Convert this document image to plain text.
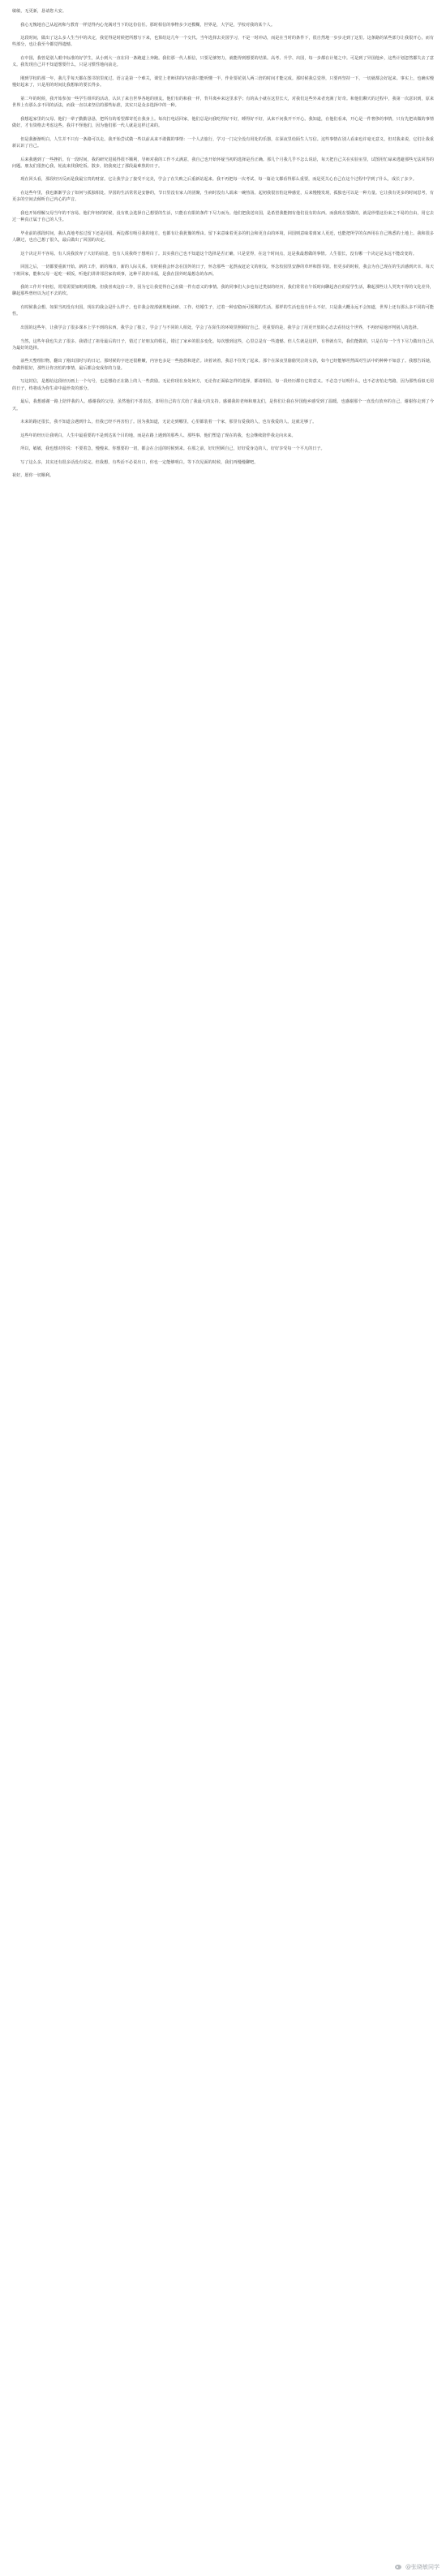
敏敏，无更新，恳请您大安。

我心无愧地自己从起初和与教育一样觉得内心充满对当下的这份信任。那时相信的事物多少还模糊，世界是，大学是，学校对我的某个人。

这段时间，做出了这么多人生当中的决定，我觉得是时候把所想写下来，也算给这几年一个交代。当年选择去美国学习，不是一时冲动，而是在当时的条件下，很自然地一步步走到了这里。这条路的某些部分让我很开心，而有些部分，也让我至今都觉得遗憾。

在中国，我曾是别人眼中标准的好学生，从小到大一直在同一条跑道上奔跑。我们那一代人相信，只要足够努力，就能得到想要的结果。高考、升学、出国，每一步都在计划之中。可是到了异国他乡，这些计划忽然都失去了意义。我发现自己并不知道想要什么，只是习惯性地向前走。

刚到学校的那一年，我几乎每天都在图书馆里度过。语言是第一个难关，课堂上老师讲的内容我只能听懂一半，作业要花别人两三倍的时间才能完成。那时候我总觉得，只要再坚持一下，一切就都会好起来。事实上，也确实慢慢好起来了，只是用的时间比我想象的要长得多。

第二年的时候，我开始参加一些学生组织的活动，认识了来自世界各地的朋友。他们有的和我一样，背井离乡来这里求学；有的从小就在这里长大，对我们这些外来者充满了好奇。和他们聊天的过程中，我第一次意识到，原来世界上有那么多不同的活法，而我一直以来坚信的那些标准，其实只是众多选择中的一种。

我想起家里的父母。他们一辈子勤勤恳恳，把所有的希望都寄托在我身上。每次打电话回家，他们总是问我吃得好不好，睡得好不好，从来不问我开不开心。我知道，在他们看来，开心是一件奢侈的事情，只有先把该做的事情做好，才有资格去考虑这些。我并不怪他们，因为他们那一代人就是这样过来的。

但是我渐渐明白，人生并不只有一条路可以走。我开始尝试做一些以前从来不敢做的事情：一个人去旅行，学习一门完全没有用处的乐器，在深夜里给陌生人写信。这些事情在别人看来也许毫无意义，但对我来说，它们让我重新认识了自己。

后来我遇到了一些挫折。有一段时间，我的研究进展得很不顺利，导师对我的工作不太满意，我自己也开始怀疑当初的选择是否正确。那几个月我几乎不怎么说话，每天把自己关在实验室里，试图用忙碌来逃避那些无法回答的问题。朋友们很担心我，轮流来找我吃饭、散步，陪我度过了那段最难熬的日子。

现在回头看，那段经历反而是我最宝贵的财富。它让我学会了接受不完美，学会了在失败之后重新站起来。我不再把每一次考试、每一篇论文都看得那么重要，而是更关心自己在这个过程中学到了什么，成长了多少。

在这些年里，我也渐渐学会了如何与孤独相处。异国的生活常常是安静的，节日里没有家人的团聚，生病时没有人端来一碗热汤。起初我很害怕这种感觉，后来慢慢发现，孤独也可以是一种力量。它让我有更多的时间思考，有更多的空间去倾听自己内心的声音。

我也开始理解父母当年的不容易。他们年轻的时候，没有机会选择自己想要的生活，只能在有限的条件下尽力而为。他们把我送出国，是希望我能拥有他们没有的东西。而我现在要做的，就是珍惜这份来之不易的自由，用它去过一种真正属于自己的人生。

毕业前的那段时间，我认真地考虑过留下还是回国。两边都有吸引我的地方，也都有让我犹豫的理由。留下来意味着更多的机会和更自由的环境，回国则意味着离家人更近，也能把所学的东西用在自己熟悉的土地上。我和很多人聊过，也自己想了很久，最后做出了回国的决定。

这个决定并不容易。有人说我放弃了大好的前途，也有人说我终于想明白了。其实我自己也不知道这个选择是否正确，只是觉得，在这个时间点，这是我最想做的事情。人生很长，没有哪一个决定是永远不能改变的。

回国之后，一切都要重新开始。新的工作，新的城市，新的人际关系。有时候我会怀念在国外的日子，怀念那些一起熬夜赶论文的朋友，怀念校园里安静的草坪和图书馆。但更多的时候，我会为自己现在的生活感到庆幸。每天下班回家，能和父母一起吃一顿饭，听他们讲讲邻居家的琐事，这种平淡的幸福，是我在国外时最想念的东西。

我的工作并不轻松，常常需要加班到很晚。但我喜欢这份工作，因为它让我觉得自己在做一件有意义的事情。我的同事们大多也有过类似的经历，我们常常在午饭时间聊起各自的留学生活，聊起那些让人哭笑不得的文化差异，聊起那些曾经以为过不去的坎。

有时候我会想，如果当初没有出国，现在的我会是什么样子。也许我会按部就班地读研、工作、结婚生子，过着一种安稳而可预期的生活。那样的生活也没有什么不好，只是我大概永远不会知道，世界上还有那么多不同的可能性。

出国的这些年，让我学会了很多课本上学不到的东西。我学会了独立，学会了与不同的人相处，学会了在陌生的环境里照顾好自己。更重要的是，我学会了用更开放的心态去看待这个世界，不再轻易地评判别人的选择。

当然，这些年我也失去了很多。我错过了祖母最后的日子，错过了好朋友的婚礼，错过了家乡的很多变化。每次想到这些，心里总是有一些遗憾。但人生就是这样，有得就有失，我们能做的，只是在每一个当下尽力做出自己认为最好的选择。

前些天整理旧物，翻出了刚出国时写的日记。那时候的字迹还很稚嫩，内容也多是一些抱怨和迷茫。读着读着，我忍不住笑了起来。那个在深夜里偷偷哭泣的女孩，如今已经能够坦然面对生活中的种种不如意了。我想告诉她，你做得很好，那些让你害怕的事情，最后都会变成你的力量。

写这封信，是想给这段经历画上一个句号，也是想给正在路上的人一些鼓励。无论你现在身处何方，无论你正面临怎样的选择，都请相信，每一段经历都有它的意义。不必急于证明什么，也不必害怕走弯路，因为那些看似无用的日子，终将成为你生命中最珍贵的部分。

最后，我想感谢一路上陪伴我的人。感谢我的父母，虽然他们不善表达，却用自己的方式给了我最大的支持。感谢我的老师和朋友们，是你们让我在异国他乡感受到了温暖。也感谢那个一直没有放弃的自己，谢谢你走到了今天。

未来的路还很长，我不知道会遇到什么，但我已经不再害怕了。因为我知道，无论走到哪里，心里都装着一个家，那里有爱我的人，也有我爱的人。这就足够了。

这些年的经历让我明白，人生中最重要的不是到达某个目的地，而是在路上遇到的那些人、那些事。他们塑造了现在的我，也会继续陪伴我走向未来。

所以，敏敏，我也想对你说：不要着急，慢慢来。你想要的一切，都会在合适的时候到来。在那之前，好好照顾自己，好好爱身边的人，好好享受每一个平凡的日子。

写了这么多，其实还有很多话没有说完。但我想，有些话不必说出口，你也一定能够明白。等下次见面的时候，我们再慢慢聊吧。

祝好，愿你一切顺利。

@张晓敏同学
